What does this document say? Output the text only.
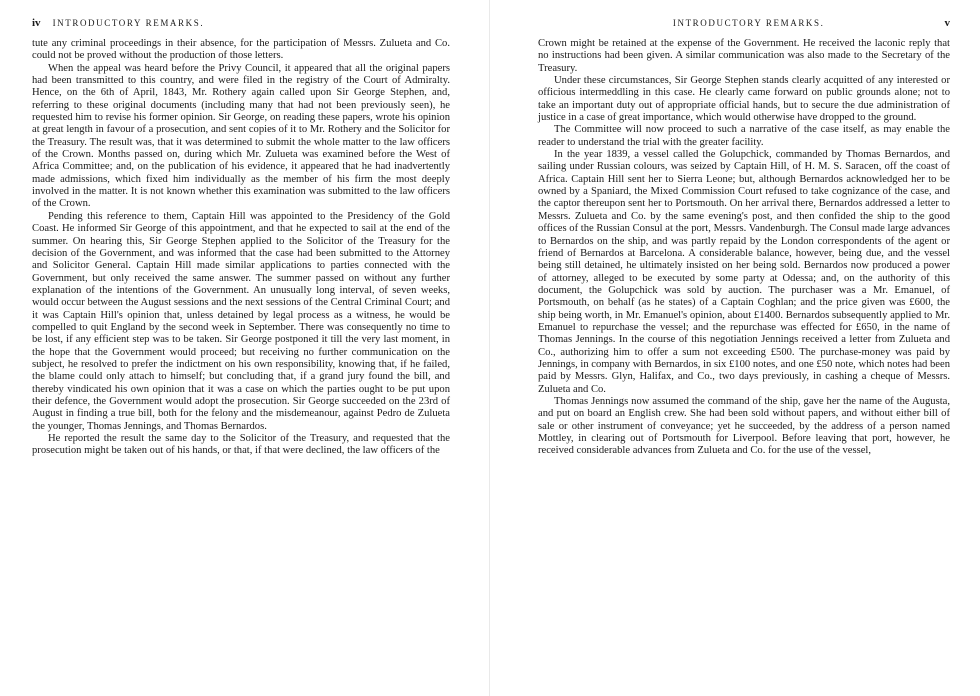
iv	INTRODUCTORY REMARKS.

tute any criminal proceedings in their absence, for the participation of Messrs. Zulueta and Co. could not be proved without the production of those letters.

When the appeal was heard before the Privy Council, it appeared that all the original papers had been transmitted to this country, and were filed in the registry of the Court of Admiralty. Hence, on the 6th of April, 1843, Mr. Rothery again called upon Sir George Stephen, and, referring to these original documents (including many that had not been previously seen), he requested him to revise his former opinion. Sir George, on reading these papers, wrote his opinion at great length in favour of a prosecution, and sent copies of it to Mr. Rothery and the Solicitor for the Treasury. The result was, that it was determined to submit the whole matter to the law officers of the Crown. Months passed on, during which Mr. Zulueta was examined before the West of Africa Committee; and, on the publication of his evidence, it appeared that he had inadvertently made admissions, which fixed him individually as the member of his firm the most deeply involved in the matter. It is not known whether this examination was submitted to the law officers of the Crown.

Pending this reference to them, Captain Hill was appointed to the Presidency of the Gold Coast. He informed Sir George of this appointment, and that he expected to sail at the end of the summer. On hearing this, Sir George Stephen applied to the Solicitor of the Treasury for the decision of the Government, and was informed that the case had been submitted to the Attorney and Solicitor General. Captain Hill made similar applications to parties connected with the Government, but only received the same answer. The summer passed on without any further explanation of the intentions of the Government. An unusually long interval, of seven weeks, would occur between the August sessions and the next sessions of the Central Criminal Court; and it was Captain Hill's opinion that, unless detained by legal process as a witness, he would be compelled to quit England by the second week in September. There was consequently no time to be lost, if any efficient step was to be taken. Sir George postponed it till the very last moment, in the hope that the Government would proceed; but receiving no further communication on the subject, he resolved to prefer the indictment on his own responsibility, knowing that, if he failed, the blame could only attach to himself; but concluding that, if a grand jury found the bill, and thereby vindicated his own opinion that it was a case on which the parties ought to be put upon their defence, the Government would adopt the prosecution. Sir George succeeded on the 23rd of August in finding a true bill, both for the felony and the misdemeanour, against Pedro de Zulueta the younger, Thomas Jennings, and Thomas Bernardos.

He reported the result the same day to the Solicitor of the Treasury, and requested that the prosecution might be taken out of his hands, or that, if that were declined, the law officers of the

INTRODUCTORY REMARKS.	v

Crown might be retained at the expense of the Government. He received the laconic reply that no instructions had been given. A similar communication was also made to the Secretary of the Treasury.

Under these circumstances, Sir George Stephen stands clearly acquitted of any interested or officious intermeddling in this case. He clearly came forward on public grounds alone; not to take an important duty out of appropriate official hands, but to secure the due administration of justice in a case of great importance, which would otherwise have dropped to the ground.

The Committee will now proceed to such a narrative of the case itself, as may enable the reader to understand the trial with the greater facility.

In the year 1839, a vessel called the Golupchick, commanded by Thomas Bernardos, and sailing under Russian colours, was seized by Captain Hill, of H. M. S. Saracen, off the coast of Africa. Captain Hill sent her to Sierra Leone; but, although Bernardos acknowledged her to be owned by a Spaniard, the Mixed Commission Court refused to take cognizance of the case, and the captor thereupon sent her to Portsmouth. On her arrival there, Bernardos addressed a letter to Messrs. Zulueta and Co. by the same evening's post, and then confided the ship to the good offices of the Russian Consul at the port, Messrs. Vandenburgh. The Consul made large advances to Bernardos on the ship, and was partly repaid by the London correspondents of the agent or friend of Bernardos at Barcelona. A considerable balance, however, being due, and the vessel being still detained, he ultimately insisted on her being sold. Bernardos now produced a power of attorney, alleged to be executed by some party at Odessa; and, on the authority of this document, the Golupchick was sold by auction. The purchaser was a Mr. Emanuel, of Portsmouth, on behalf (as he states) of a Captain Coghlan; and the price given was £600, the ship being worth, in Mr. Emanuel's opinion, about £1400. Bernardos subsequently applied to Mr. Emanuel to repurchase the vessel; and the repurchase was effected for £650, in the name of Thomas Jennings. In the course of this negotiation Jennings received a letter from Zulueta and Co., authorizing him to offer a sum not exceeding £500. The purchase-money was paid by Jennings, in company with Bernardos, in six £100 notes, and one £50 note, which notes had been paid by Messrs. Glyn, Halifax, and Co., two days previously, in cashing a cheque of Messrs. Zulueta and Co.

Thomas Jennings now assumed the command of the ship, gave her the name of the Augusta, and put on board an English crew. She had been sold without papers, and without either bill of sale or other instrument of conveyance; yet he succeeded, by the address of a person named Mottley, in clearing out of Portsmouth for Liverpool. Before leaving that port, however, he received considerable advances from Zulueta and Co. for the use of the vessel,
